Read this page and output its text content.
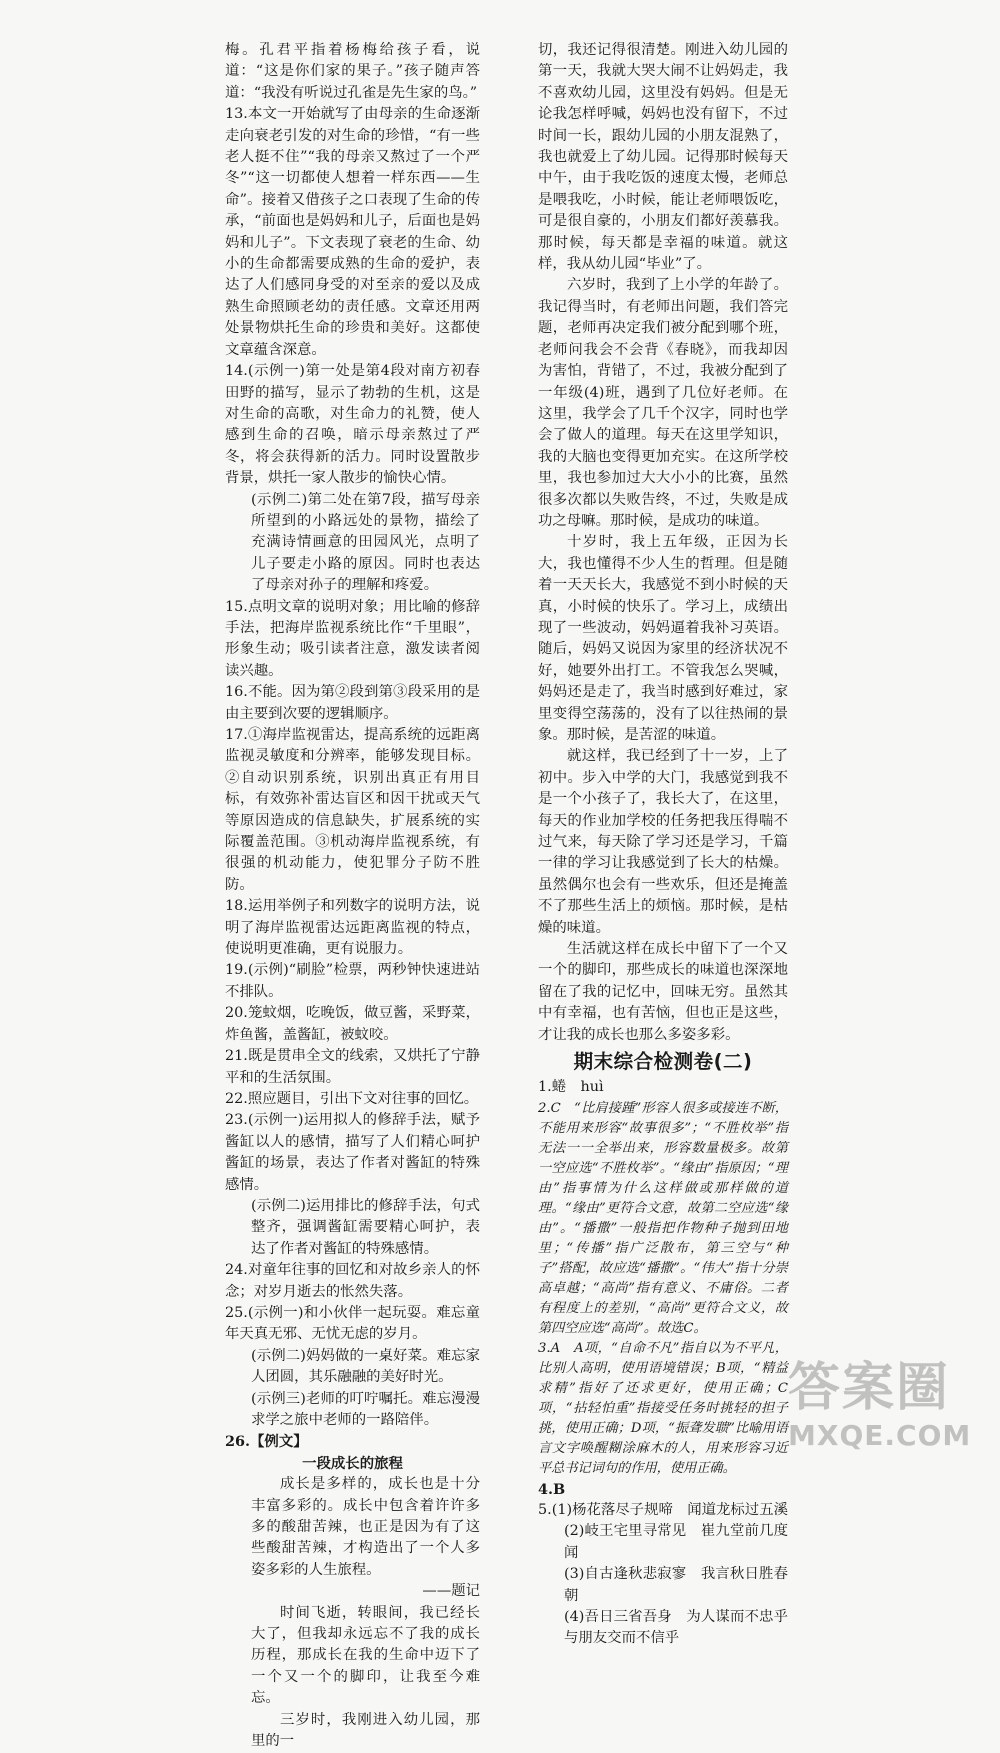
梅。孔君平指着杨梅给孩子看，说道：“这是你们家的果子。”孩子随声答道：“我没有听说过孔雀是先生家的鸟。”

13.本文一开始就写了由母亲的生命逐渐走向衰老引发的对生命的珍惜，“有一些老人挺不住”“我的母亲又熬过了一个严冬”“这一切都使人想着一样东西——生命”。接着又借孩子之口表现了生命的传承，“前面也是妈妈和儿子，后面也是妈妈和儿子”。下文表现了衰老的生命、幼小的生命都需要成熟的生命的爱护，表达了人们感同身受的对至亲的爱以及成熟生命照顾老幼的责任感。文章还用两处景物烘托生命的珍贵和美好。这都使文章蕴含深意。

14.(示例一)第一处是第4段对南方初春田野的描写，显示了勃勃的生机，这是对生命的高歌，对生命力的礼赞，使人感到生命的召唤，暗示母亲熬过了严冬，将会获得新的活力。同时设置散步背景，烘托一家人散步的愉快心情。

(示例二)第二处在第7段，描写母亲所望到的小路远处的景物，描绘了充满诗情画意的田园风光，点明了儿子要走小路的原因。同时也表达了母亲对孙子的理解和疼爱。

15.点明文章的说明对象；用比喻的修辞手法，把海岸监视系统比作“千里眼”，形象生动；吸引读者注意，激发读者阅读兴趣。

16.不能。因为第②段到第③段采用的是由主要到次要的逻辑顺序。

17.①海岸监视雷达，提高系统的远距离监视灵敏度和分辨率，能够发现目标。②自动识别系统，识别出真正有用目标，有效弥补雷达盲区和因干扰或天气等原因造成的信息缺失，扩展系统的实际覆盖范围。③机动海岸监视系统，有很强的机动能力，使犯罪分子防不胜防。

18.运用举例子和列数字的说明方法，说明了海岸监视雷达远距离监视的特点，使说明更准确，更有说服力。

19.(示例)“刷脸”检票，两秒钟快速进站不排队。

20.笼蚊烟，吃晚饭，做豆酱，采野菜，炸鱼酱，盖酱缸，被蚊咬。

21.既是贯串全文的线索，又烘托了宁静平和的生活氛围。

22.照应题目，引出下文对往事的回忆。

23.(示例一)运用拟人的修辞手法，赋予酱缸以人的感情，描写了人们精心呵护酱缸的场景，表达了作者对酱缸的特殊感情。

(示例二)运用排比的修辞手法，句式整齐，强调酱缸需要精心呵护，表达了作者对酱缸的特殊感情。

24.对童年往事的回忆和对故乡亲人的怀念；对岁月逝去的怅然失落。

25.(示例一)和小伙伴一起玩耍。难忘童年天真无邪、无忧无虑的岁月。

(示例二)妈妈做的一桌好菜。难忘家人团圆，其乐融融的美好时光。

(示例三)老师的叮咛嘱托。难忘漫漫求学之旅中老师的一路陪伴。

26.【例文】

一段成长的旅程

成长是多样的，成长也是十分丰富多彩的。成长中包含着许许多多的酸甜苦辣，也正是因为有了这些酸甜苦辣，才构造出了一个人多姿多彩的人生旅程。

——题记

时间飞逝，转眼间，我已经长大了，但我却永远忘不了我的成长历程，那成长在我的生命中迈下了一个又一个的脚印，让我至今难忘。

三岁时，我刚进入幼儿园，那里的一

切，我还记得很清楚。刚进入幼儿园的第一天，我就大哭大闹不让妈妈走，我不喜欢幼儿园，这里没有妈妈。但是无论我怎样呼喊，妈妈也没有留下，不过时间一长，跟幼儿园的小朋友混熟了，我也就爱上了幼儿园。记得那时候每天中午，由于我吃饭的速度太慢，老师总是喂我吃，小时候，能让老师喂饭吃，可是很自豪的，小朋友们都好羡慕我。那时候，每天都是幸福的味道。就这样，我从幼儿园“毕业”了。

六岁时，我到了上小学的年龄了。我记得当时，有老师出问题，我们答完题，老师再决定我们被分配到哪个班，老师问我会不会背《春晓》，而我却因为害怕，背错了，不过，我被分配到了一年级(4)班，遇到了几位好老师。在这里，我学会了几千个汉字，同时也学会了做人的道理。每天在这里学知识，我的大脑也变得更加充实。在这所学校里，我也参加过大大小小的比赛，虽然很多次都以失败告终，不过，失败是成功之母嘛。那时候，是成功的味道。

十岁时，我上五年级，正因为长大，我也懂得不少人生的哲理。但是随着一天天长大，我感觉不到小时候的天真，小时候的快乐了。学习上，成绩出现了一些波动，妈妈逼着我补习英语。随后，妈妈又说因为家里的经济状况不好，她要外出打工。不管我怎么哭喊，妈妈还是走了，我当时感到好难过，家里变得空荡荡的，没有了以往热闹的景象。那时候，是苦涩的味道。

就这样，我已经到了十一岁，上了初中。步入中学的大门，我感觉到我不是一个小孩子了，我长大了，在这里，每天的作业加学校的任务把我压得喘不过气来，每天除了学习还是学习，千篇一律的学习让我感觉到了长大的枯燥。虽然偶尔也会有一些欢乐，但还是掩盖不了那些生活上的烦恼。那时候，是枯燥的味道。

生活就这样在成长中留下了一个又一个的脚印，那些成长的味道也深深地留在了我的记忆中，回味无穷。虽然其中有幸福，也有苦恼，但也正是这些，才让我的成长也那么多姿多彩。

期末综合检测卷(二)

1.蜷　huì

2.C　“比肩接踵”形容人很多或接连不断，不能用来形容“故事很多”；“不胜枚举”指无法一一全举出来，形容数量极多。故第一空应选“不胜枚举”。“缘由”指原因；“理由”指事情为什么这样做或那样做的道理。“缘由”更符合文意，故第二空应选“缘由”。“播撒”一般指把作物种子抛到田地里；“传播”指广泛散布，第三空与“种子”搭配，故应选“播撒”。“伟大”指十分崇高卓越；“高尚”指有意义、不庸俗。二者有程度上的差别，“高尚”更符合文义，故第四空应选“高尚”。故选C。

3.A　A项，“自命不凡”指自以为不平凡，比别人高明，使用语境错误；B项，“精益求精”指好了还求更好，使用正确；C项，“拈轻怕重”指接受任务时挑轻的担子挑，使用正确；D项，“振聋发聩”比喻用语言文字唤醒糊涂麻木的人，用来形容习近平总书记词句的作用，使用正确。

4.B

5.(1)杨花落尽子规啼　闻道龙标过五溪

(2)岐王宅里寻常见　崔九堂前几度闻

(3)自古逢秋悲寂寥　我言秋日胜春朝

(4)吾日三省吾身　为人谋而不忠乎　与朋友交而不信乎

答案圈
MXQE.COM
